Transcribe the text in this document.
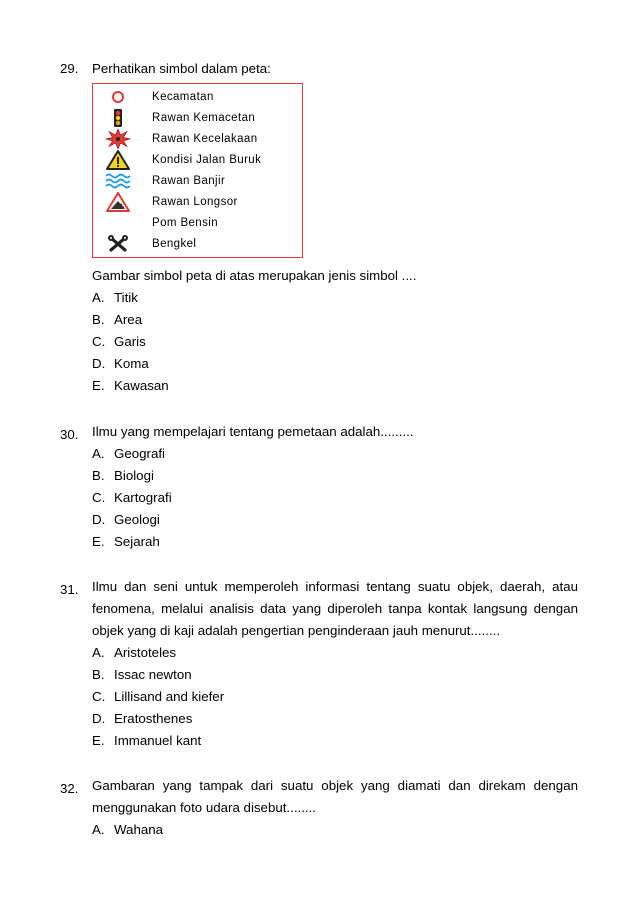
29. Perhatikan simbol dalam peta:
Kecamatan
Rawan Kemacetan
Rawan Kecelakaan
Kondisi Jalan Buruk
Rawan Banjir
Rawan Longsor
Pom Bensin
Bengkel
Gambar simbol peta di atas merupakan jenis simbol ....
A. Titik
B. Area
C. Garis
D. Koma
E. Kawasan
30. Ilmu yang mempelajari tentang pemetaan adalah.........
A. Geografi
B. Biologi
C. Kartografi
D. Geologi
E. Sejarah
31. Ilmu dan seni untuk memperoleh informasi tentang suatu objek, daerah, atau fenomena, melalui analisis data yang diperoleh tanpa kontak langsung dengan objek yang di kaji adalah pengertian penginderaan jauh menurut........
A. Aristoteles
B. Issac newton
C. Lillisand and kiefer
D. Eratosthenes
E. Immanuel kant
32. Gambaran yang tampak dari suatu objek yang diamati dan direkam dengan menggunakan foto udara disebut........
A. Wahana
